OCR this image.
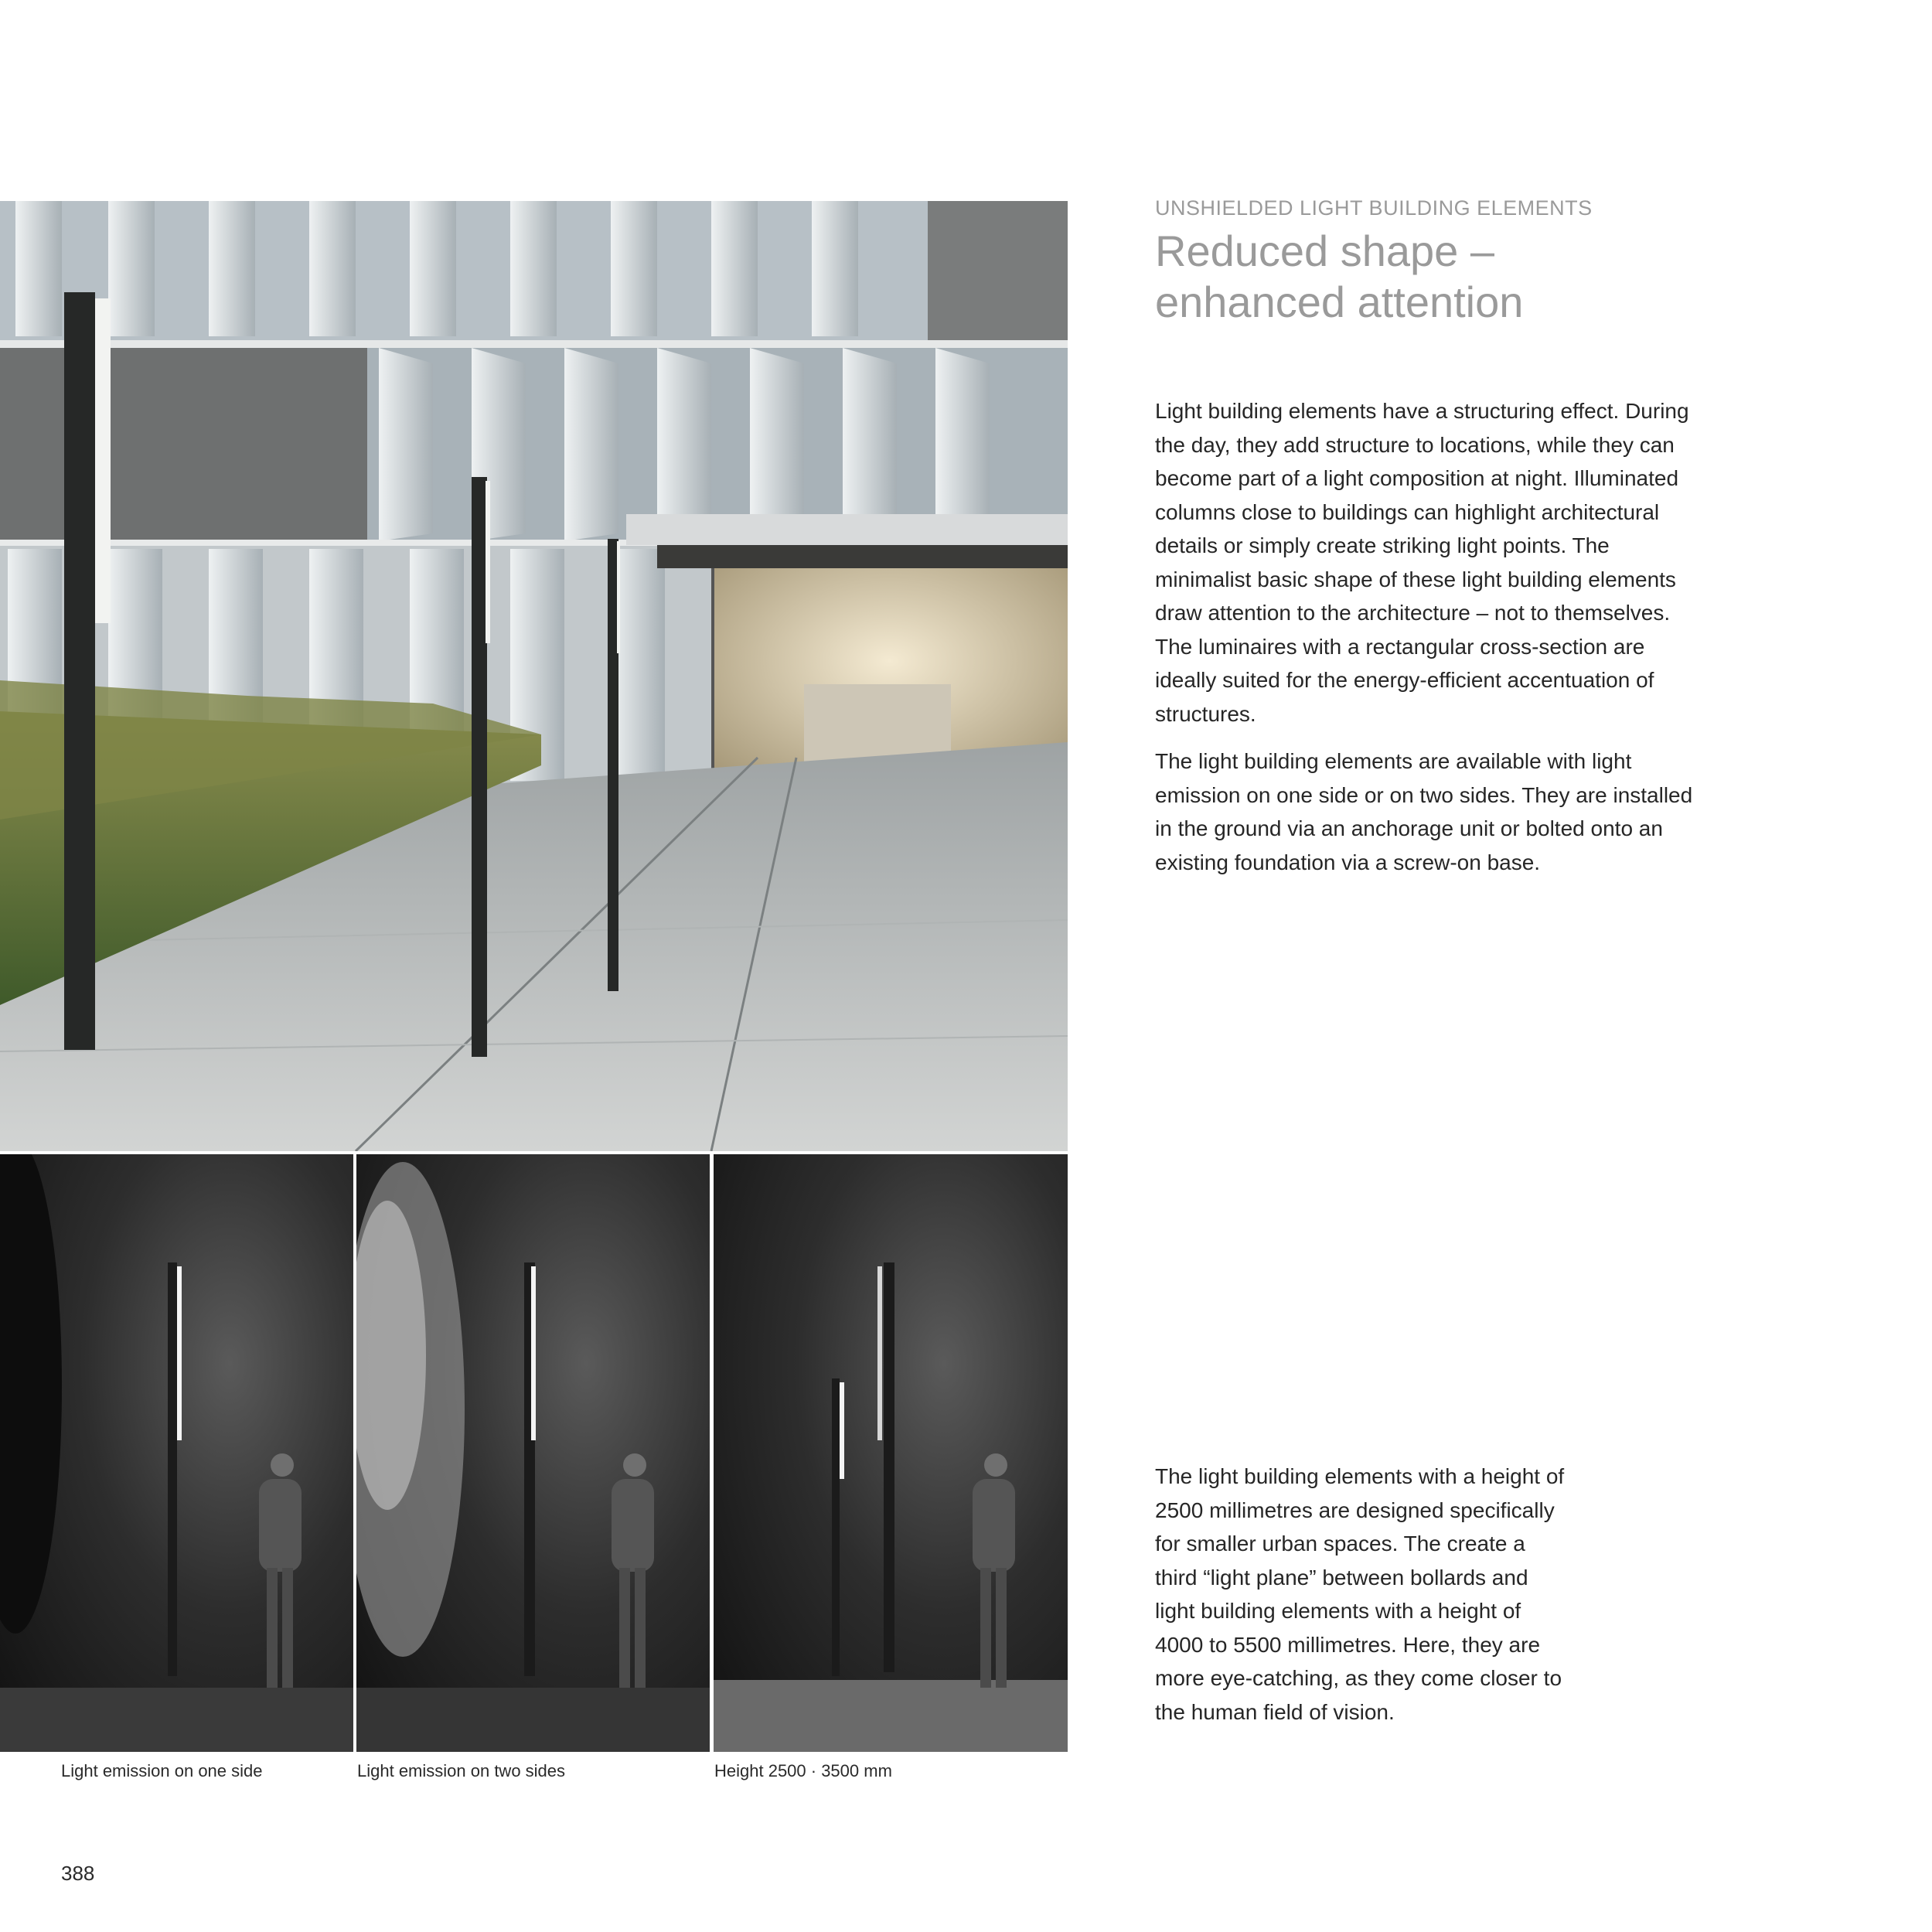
Light emission on one side	Light emission on two sides	Height 2500 · 3500 mm
UNSHIELDED LIGHT BUILDING ELEMENTS
Reduced shape –
enhanced attention

Light building elements have a structuring effect. During the day, they add structure to locations, while they can become part of a light composition at night. Illuminated columns close to buildings can highlight architectural details or simply create striking light points. The minimalist basic shape of these light building elements draw attention to the architecture – not to themselves. The luminaires with a rectangular cross-section are ideally suited for the energy-efficient accentuation of structures.

The light building elements are available with light emission on one side or on two sides. They are installed in the ground via an anchorage unit or bolted onto an existing foundation via a screw-on base.

The light building elements with a height of 2500 millimetres are designed specifically for smaller urban spaces. The create a third “light plane” between bollards and light building elements with a height of 4000 to 5500 millimetres. Here, they are more eye-catching, as they come closer to the human field of vision.

388
